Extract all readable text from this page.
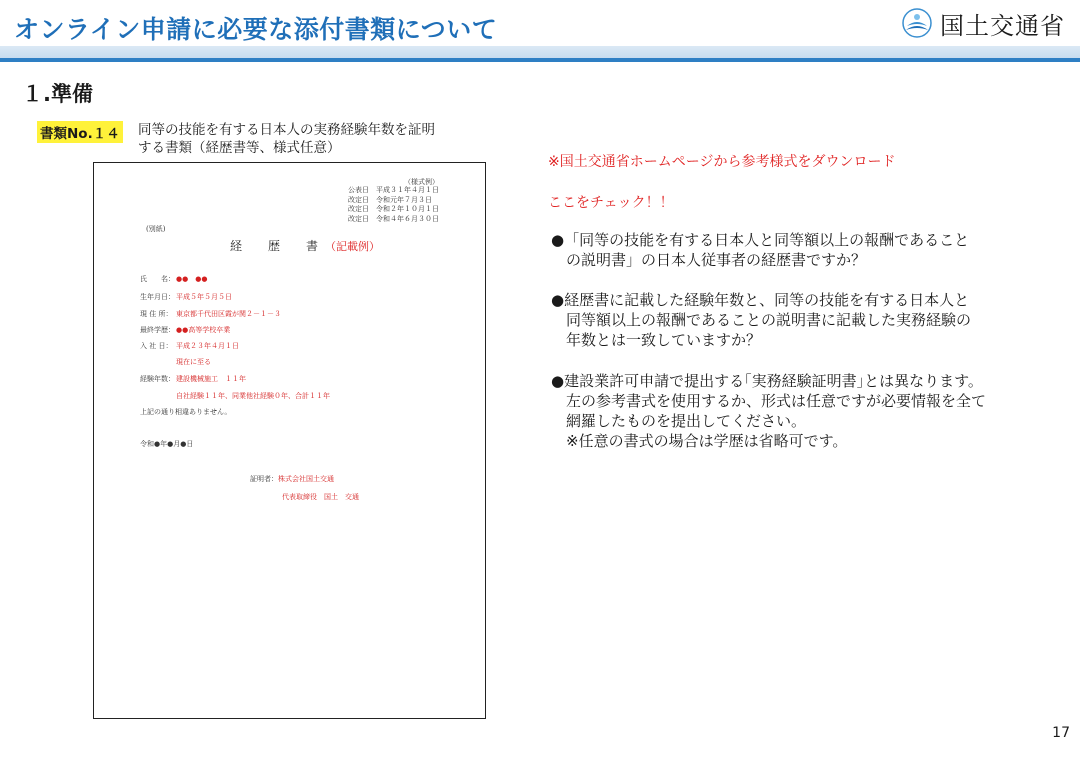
オンライン申請に必要な添付書類について	国土交通省
１.準備
書類No.１４ 同等の技能を有する日本人の実務経験年数を証明
する書類（経歴書等、様式任意）
（様式例）
公表日　平成３１年４月１日
改定日　令和元年７月３日
改定日　令和２年１０月１日
改定日　令和４年６月３０日
(別紙)
経　歴　書（記載例）
氏　　名：●●　●●
生年月日：平成５年５月５日
現 住 所： 東京都千代田区霞が関２－１－３
最終学歴：●●高等学校卒業
入 社 日： 平成２３年４月１日
現在に至る
経験年数：建設機械施工　１１年
自社経験１１年、同業他社経験０年、合計１１年
上記の通り相違ありません。
令和●年●月●日
証明者：株式会社国土交通
代表取締役　国土　交通
※国土交通省ホームページから参考様式をダウンロード
ここをチェック！！
●「同等の技能を有する日本人と同等額以上の報酬であること
　の説明書」の日本人従事者の経歴書ですか？
●経歴書に記載した経験年数と、同等の技能を有する日本人と
　同等額以上の報酬であることの説明書に記載した実務経験の
　年数とは一致していますか？
●建設業許可申請で提出する｢実務経験証明書｣とは異なります。
　左の参考書式を使用するか、形式は任意ですが必要情報を全て
　網羅したものを提出してください。
　※任意の書式の場合は学歴は省略可です。
17
